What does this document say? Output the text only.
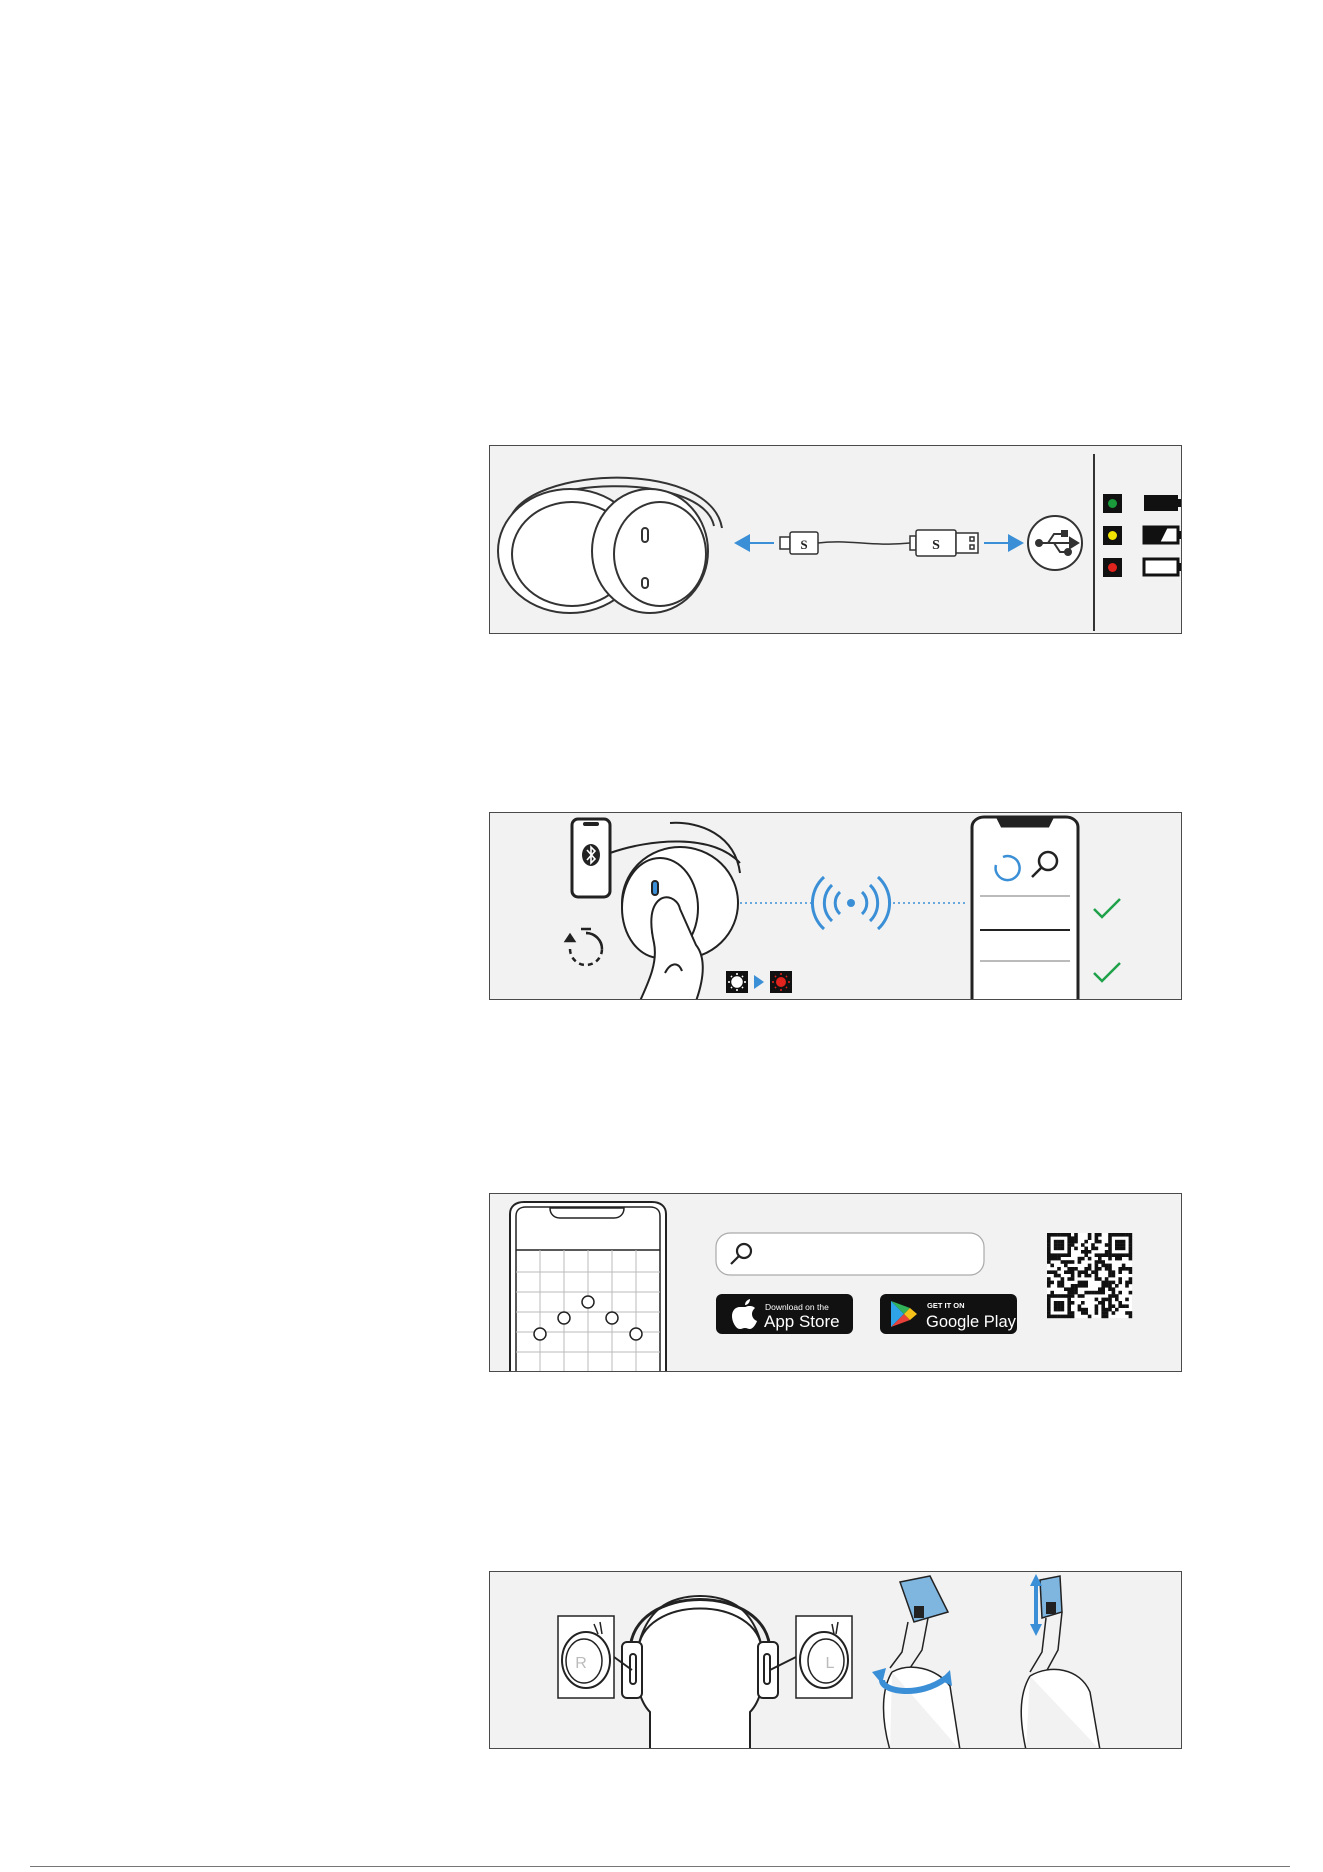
S	S
Download on the
App Store
GET IT ON
Google Play
R	L
